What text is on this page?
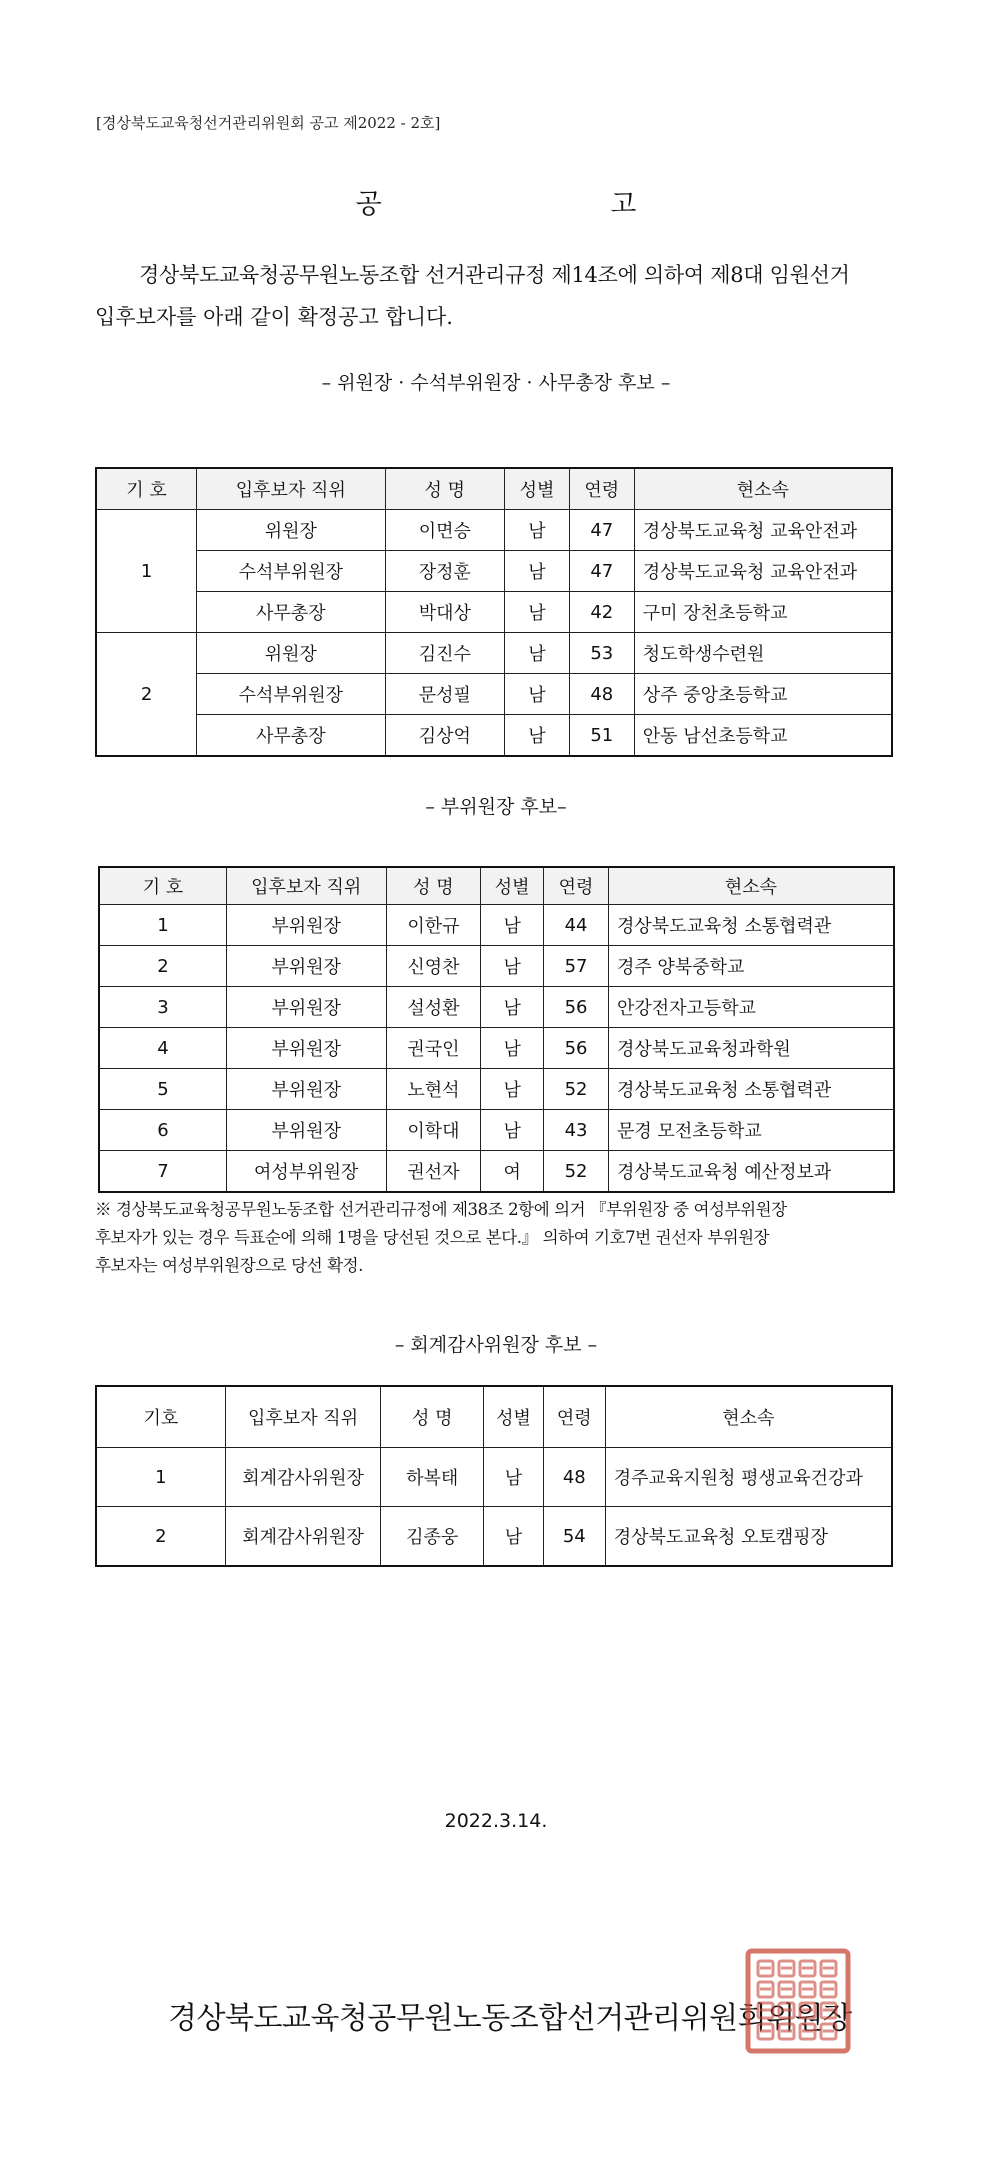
[경상북도교육청선거관리위원회 공고 제2022 - 2호]
공 고
경상북도교육청공무원노동조합 선거관리규정 제14조에 의하여 제8대 임원선거
입후보자를 아래 같이 확정공고 합니다.
– 위원장 · 수석부위원장 · 사무총장 후보 –
기 호	입후보자 직위	성 명	성별	연령	현소속
1	위원장	이면승	남	47	경상북도교육청 교육안전과
	수석부위원장	장정훈	남	47	경상북도교육청 교육안전과
	사무총장	박대상	남	42	구미 장천초등학교
2	위원장	김진수	남	53	청도학생수련원
	수석부위원장	문성필	남	48	상주 중앙초등학교
	사무총장	김상억	남	51	안동 남선초등학교
– 부위원장 후보–
기 호	입후보자 직위	성 명	성별	연령	현소속
1	부위원장	이한규	남	44	경상북도교육청 소통협력관
2	부위원장	신영찬	남	57	경주 양북중학교
3	부위원장	설성환	남	56	안강전자고등학교
4	부위원장	권국인	남	56	경상북도교육청과학원
5	부위원장	노현석	남	52	경상북도교육청 소통협력관
6	부위원장	이학대	남	43	문경 모전초등학교
7	여성부위원장	권선자	여	52	경상북도교육청 예산정보과
※ 경상북도교육청공무원노동조합 선거관리규정에 제38조 2항에 의거 『부위원장 중 여성부위원장
후보자가 있는 경우 득표순에 의해 1명을 당선된 것으로 본다.』 의하여 기호7번 권선자 부위원장
후보자는 여성부위원장으로 당선 확정.
– 회계감사위원장 후보 –
기호	입후보자 직위	성 명	성별	연령	현소속
1	회계감사위원장	하복태	남	48	경주교육지원청 평생교육건강과
2	회계감사위원장	김종웅	남	54	경상북도교육청 오토캠핑장
2022.3.14.
경상북도교육청공무원노동조합선거관리위원회위원장
